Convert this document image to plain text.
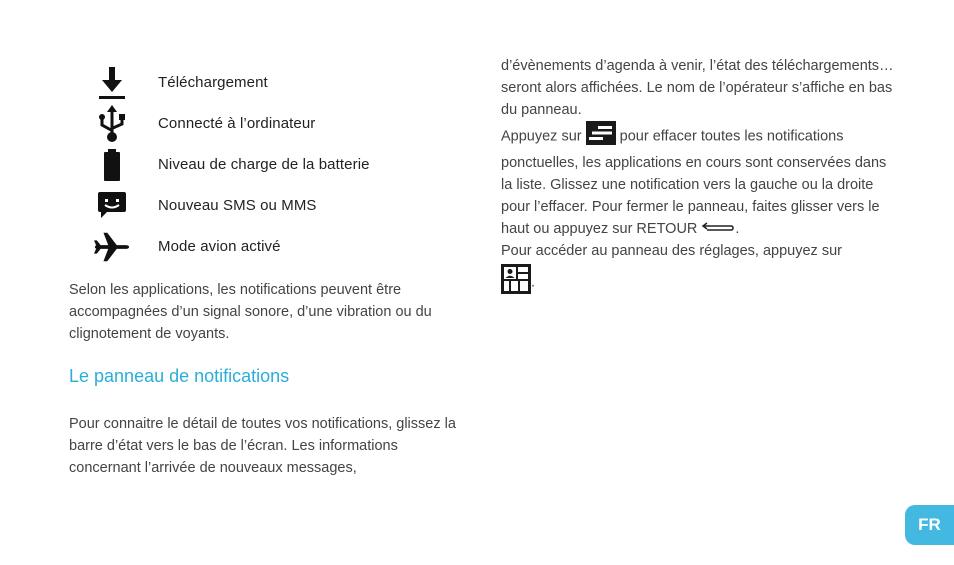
Téléchargement
Connecté à l’ordinateur
Niveau de charge de la batterie
Nouveau SMS ou MMS
Mode avion activé

Selon les applications, les notifications peuvent être accompagnées d’un signal sonore, d’une vibration ou du clignotement de voyants.

Le panneau de notifications

Pour connaitre le détail de toutes vos notifications, glissez la barre d’état vers le bas de l’écran. Les informations concernant l’arrivée de nouveaux messages,

d’évènements d’agenda à venir, l’état des téléchargements…seront alors affichées. Le nom de l’opérateur s’affiche en bas du panneau.

Appuyez sur	pour effacer toutes les notifications ponctuelles, les applications en cours sont conservées dans la liste. Glissez une notification vers la gauche ou la droite pour l’effacer. Pour fermer le panneau, faites glisser vers le haut ou appuyez sur RETOUR	.

Pour accéder au panneau des réglages, appuyez sur

.

FR
